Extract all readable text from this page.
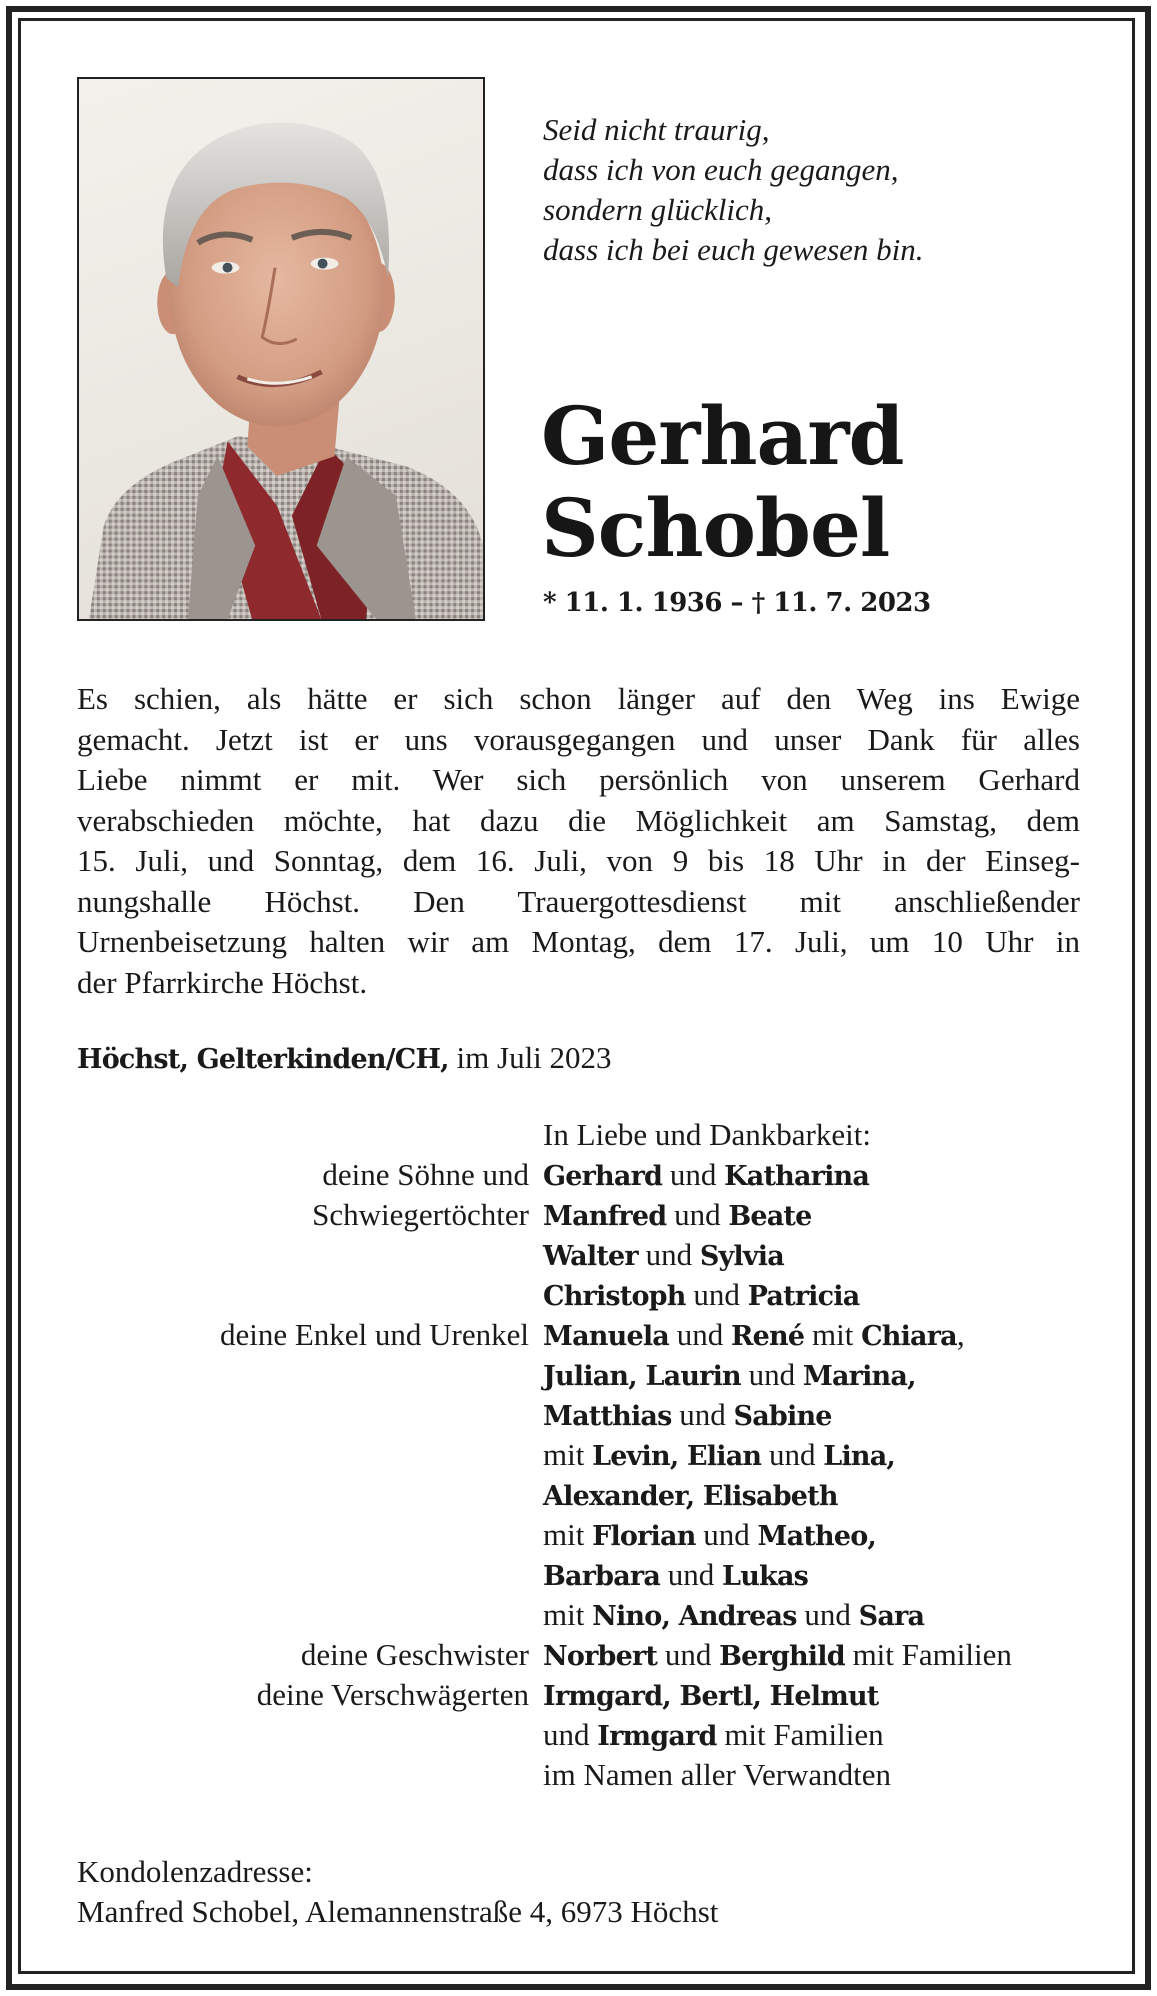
Seid nicht traurig,
dass ich von euch gegangen,
sondern glücklich,
dass ich bei euch gewesen bin.
Gerhard
Schobel
* 11. 1. 1936 – † 11. 7. 2023
Es schien, als hätte er sich schon länger auf den Weg ins Ewige
gemacht. Jetzt ist er uns vorausgegangen und unser Dank für alles
Liebe nimmt er mit. Wer sich persönlich von unserem Gerhard
verabschieden möchte, hat dazu die Möglichkeit am Samstag, dem
15. Juli, und Sonntag, dem 16. Juli, von 9 bis 18 Uhr in der Einseg-
nungshalle Höchst. Den Trauergottesdienst mit anschließender
Urnenbeisetzung halten wir am Montag, dem 17. Juli, um 10 Uhr in
der Pfarrkirche Höchst.
Höchst, Gelterkinden/CH, im Juli 2023
In Liebe und Dankbarkeit:
deine Söhne und Gerhard und Katharina
Schwiegertöchter Manfred und Beate
Walter und Sylvia
Christoph und Patricia
deine Enkel und Urenkel Manuela und René mit Chiara,
Julian, Laurin und Marina,
Matthias und Sabine
mit Levin, Elian und Lina,
Alexander, Elisabeth
mit Florian und Matheo,
Barbara und Lukas
mit Nino, Andreas und Sara
deine Geschwister Norbert und Berghild mit Familien
deine Verschwägerten Irmgard, Bertl, Helmut
und Irmgard mit Familien
im Namen aller Verwandten
Kondolenzadresse:
Manfred Schobel, Alemannenstraße 4, 6973 Höchst
